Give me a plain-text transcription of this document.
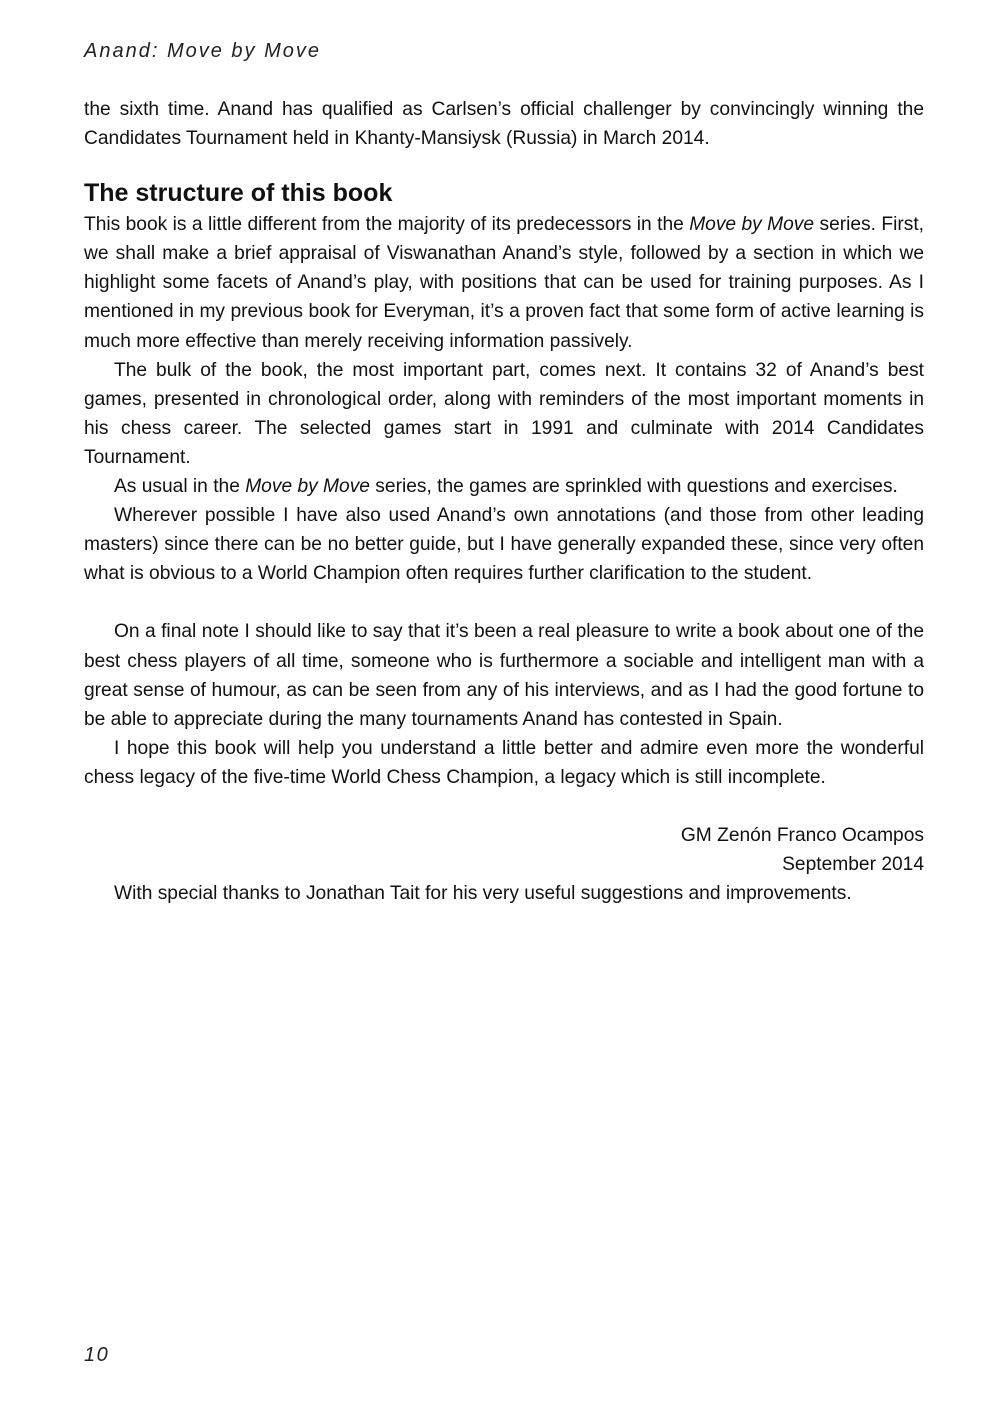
Anand: Move by Move

the sixth time. Anand has qualified as Carlsen’s official challenger by convincingly winning the Candidates Tournament held in Khanty-Mansiysk (Russia) in March 2014.

The structure of this book

This book is a little different from the majority of its predecessors in the Move by Move series. First, we shall make a brief appraisal of Viswanathan Anand’s style, followed by a section in which we highlight some facets of Anand’s play, with positions that can be used for training purposes. As I mentioned in my previous book for Everyman, it’s a proven fact that some form of active learning is much more effective than merely receiving information passively.

The bulk of the book, the most important part, comes next. It contains 32 of Anand’s best games, presented in chronological order, along with reminders of the most important moments in his chess career. The selected games start in 1991 and culminate with 2014 Candidates Tournament.

As usual in the Move by Move series, the games are sprinkled with questions and exercises.

Wherever possible I have also used Anand’s own annotations (and those from other leading masters) since there can be no better guide, but I have generally expanded these, since very often what is obvious to a World Champion often requires further clarification to the student.

On a final note I should like to say that it’s been a real pleasure to write a book about one of the best chess players of all time, someone who is furthermore a sociable and intelligent man with a great sense of humour, as can be seen from any of his interviews, and as I had the good fortune to be able to appreciate during the many tournaments Anand has contested in Spain.

I hope this book will help you understand a little better and admire even more the wonderful chess legacy of the five-time World Chess Champion, a legacy which is still incomplete.

GM Zenón Franco Ocampos
September 2014

With special thanks to Jonathan Tait for his very useful suggestions and improvements.

10
